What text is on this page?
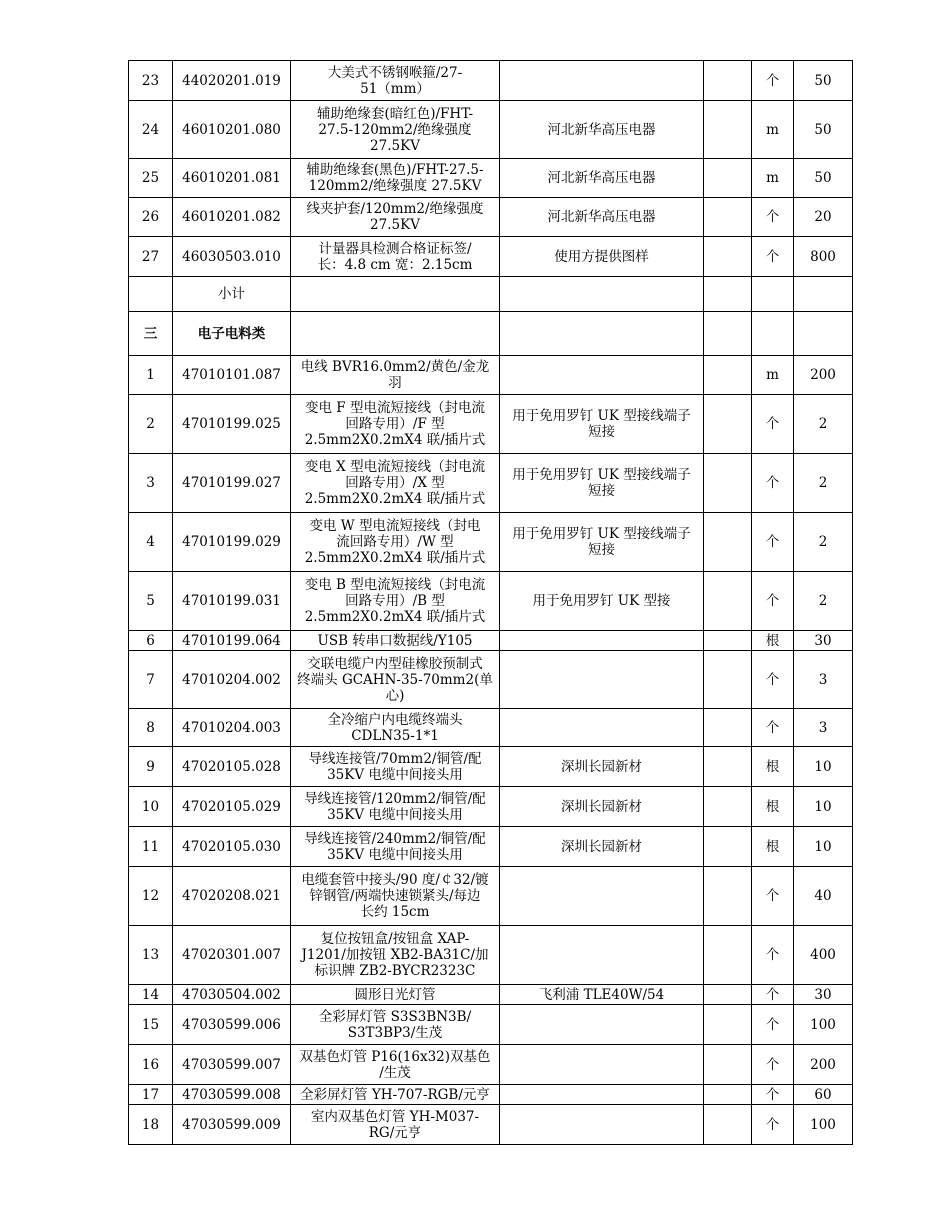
23	44020201.019	大美式不锈钢喉箍/27-
51（mm）			个	50
24	46010201.080	辅助绝缘套(暗红色)/FHT-
27.5-120mm2/绝缘强度
27.5KV	河北新华高压电器		m	50
25	46010201.081	辅助绝缘套(黑色)/FHT-27.5-
120mm2/绝缘强度 27.5KV	河北新华高压电器		m	50
26	46010201.082	线夹护套/120mm2/绝缘强度
27.5KV	河北新华高压电器		个	20
27	46030503.010	计量器具检测合格证标签/
长：4.8 cm 宽：2.15cm	使用方提供图样		个	800
	小计					
三	电子电料类					
1	47010101.087	电线 BVR16.0mm2/黄色/金龙
羽			m	200
2	47010199.025	变电 F 型电流短接线（封电流
回路专用）/F 型
2.5mm2X0.2mX4 联/插片式	用于免用罗钉 UK 型接线端子
短接		个	2
3	47010199.027	变电 X 型电流短接线（封电流
回路专用）/X 型
2.5mm2X0.2mX4 联/插片式	用于免用罗钉 UK 型接线端子
短接		个	2
4	47010199.029	变电 W 型电流短接线（封电
流回路专用）/W 型
2.5mm2X0.2mX4 联/插片式	用于免用罗钉 UK 型接线端子
短接		个	2
5	47010199.031	变电 B 型电流短接线（封电流
回路专用）/B 型
2.5mm2X0.2mX4 联/插片式	用于免用罗钉 UK 型接		个	2
6	47010199.064	USB 转串口数据线/Y105			根	30
7	47010204.002	交联电缆户内型硅橡胶预制式
终端头 GCAHN-35-70mm2(单
心)			个	3
8	47010204.003	全冷缩户内电缆终端头
CDLN35-1*1			个	3
9	47020105.028	导线连接管/70mm2/铜管/配
35KV 电缆中间接头用	深圳长园新材		根	10
10	47020105.029	导线连接管/120mm2/铜管/配
35KV 电缆中间接头用	深圳长园新材		根	10
11	47020105.030	导线连接管/240mm2/铜管/配
35KV 电缆中间接头用	深圳长园新材		根	10
12	47020208.021	电缆套管中接头/90 度/￠32/镀
锌钢管/两端快速锁紧头/每边
长约 15cm			个	40
13	47020301.007	复位按钮盒/按钮盒 XAP-
J1201/加按钮 XB2-BA31C/加
标识牌 ZB2-BYCR2323C			个	400
14	47030504.002	圆形日光灯管	飞利浦 TLE40W/54		个	30
15	47030599.006	全彩屏灯管 S3S3BN3B/
S3T3BP3/生茂			个	100
16	47030599.007	双基色灯管 P16(16x32)双基色
/生茂			个	200
17	47030599.008	全彩屏灯管 YH-707-RGB/元亨			个	60
18	47030599.009	室内双基色灯管 YH-M037-
RG/元亨			个	100
